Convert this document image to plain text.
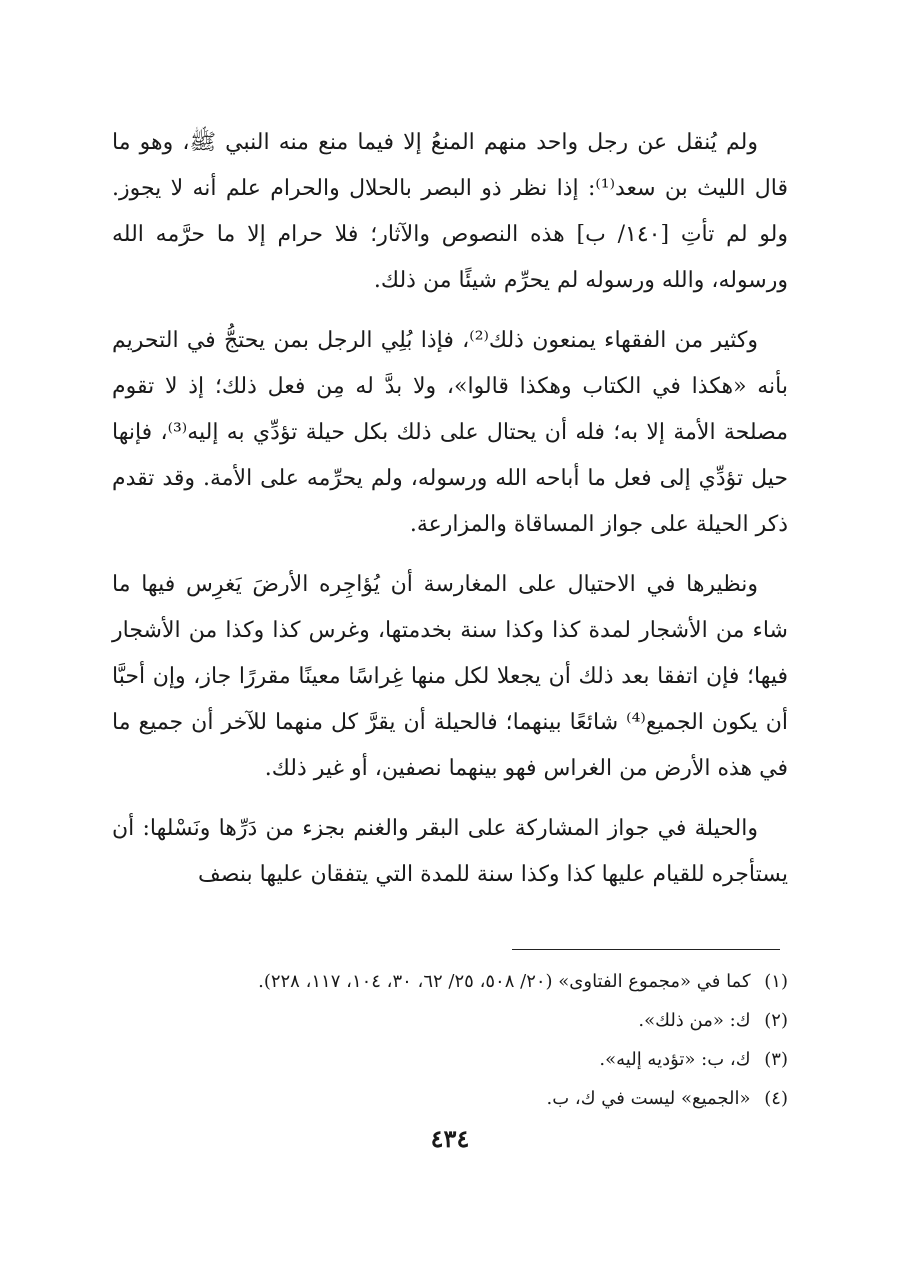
ولم يُنقل عن رجل واحد منهم المنعُ إلا فيما منع منه النبي ﷺ، وهو ما قال الليث بن سعد⁽¹⁾: إذا نظر ذو البصر بالحلال والحرام علم أنه لا يجوز. ولو لم تأتِ [١٤٠/ ب] هذه النصوص والآثار؛ فلا حرام إلا ما حرَّمه الله ورسوله، والله ورسوله لم يحرِّم شيئًا من ذلك.

وكثير من الفقهاء يمنعون ذلك⁽²⁾، فإذا بُلِي الرجل بمن يحتجُّ في التحريم بأنه «هكذا في الكتاب وهكذا قالوا»، ولا بدَّ له مِن فعل ذلك؛ إذ لا تقوم مصلحة الأمة إلا به؛ فله أن يحتال على ذلك بكل حيلة تؤدِّي به إليه⁽³⁾، فإنها حيل تؤدِّي إلى فعل ما أباحه الله ورسوله، ولم يحرِّمه على الأمة. وقد تقدم ذكر الحيلة على جواز المساقاة والمزارعة.

ونظيرها في الاحتيال على المغارسة أن يُؤاجِره الأرضَ يَغرِس فيها ما شاء من الأشجار لمدة كذا وكذا سنة بخدمتها، وغرس كذا وكذا من الأشجار فيها؛ فإن اتفقا بعد ذلك أن يجعلا لكل منها غِراسًا معينًا مقررًا جاز، وإن أحبَّا أن يكون الجميع⁽⁴⁾ شائعًا بينهما؛ فالحيلة أن يقرَّ كل منهما للآخر أن جميع ما في هذه الأرض من الغراس فهو بينهما نصفين، أو غير ذلك.

والحيلة في جواز المشاركة على البقر والغنم بجزء من دَرِّها ونَسْلها: أن يستأجره للقيام عليها كذا وكذا سنة للمدة التي يتفقان عليها بنصف

(١) كما في «مجموع الفتاوى» (٢٠/ ٥٠٨، ٢٥/ ٦٢، ٣٠، ١٠٤، ١١٧، ٢٢٨).

(٢) ك: «من ذلك».

(٣) ك، ب: «تؤديه إليه».

(٤) «الجميع» ليست في ك، ب.

٤٣٤
